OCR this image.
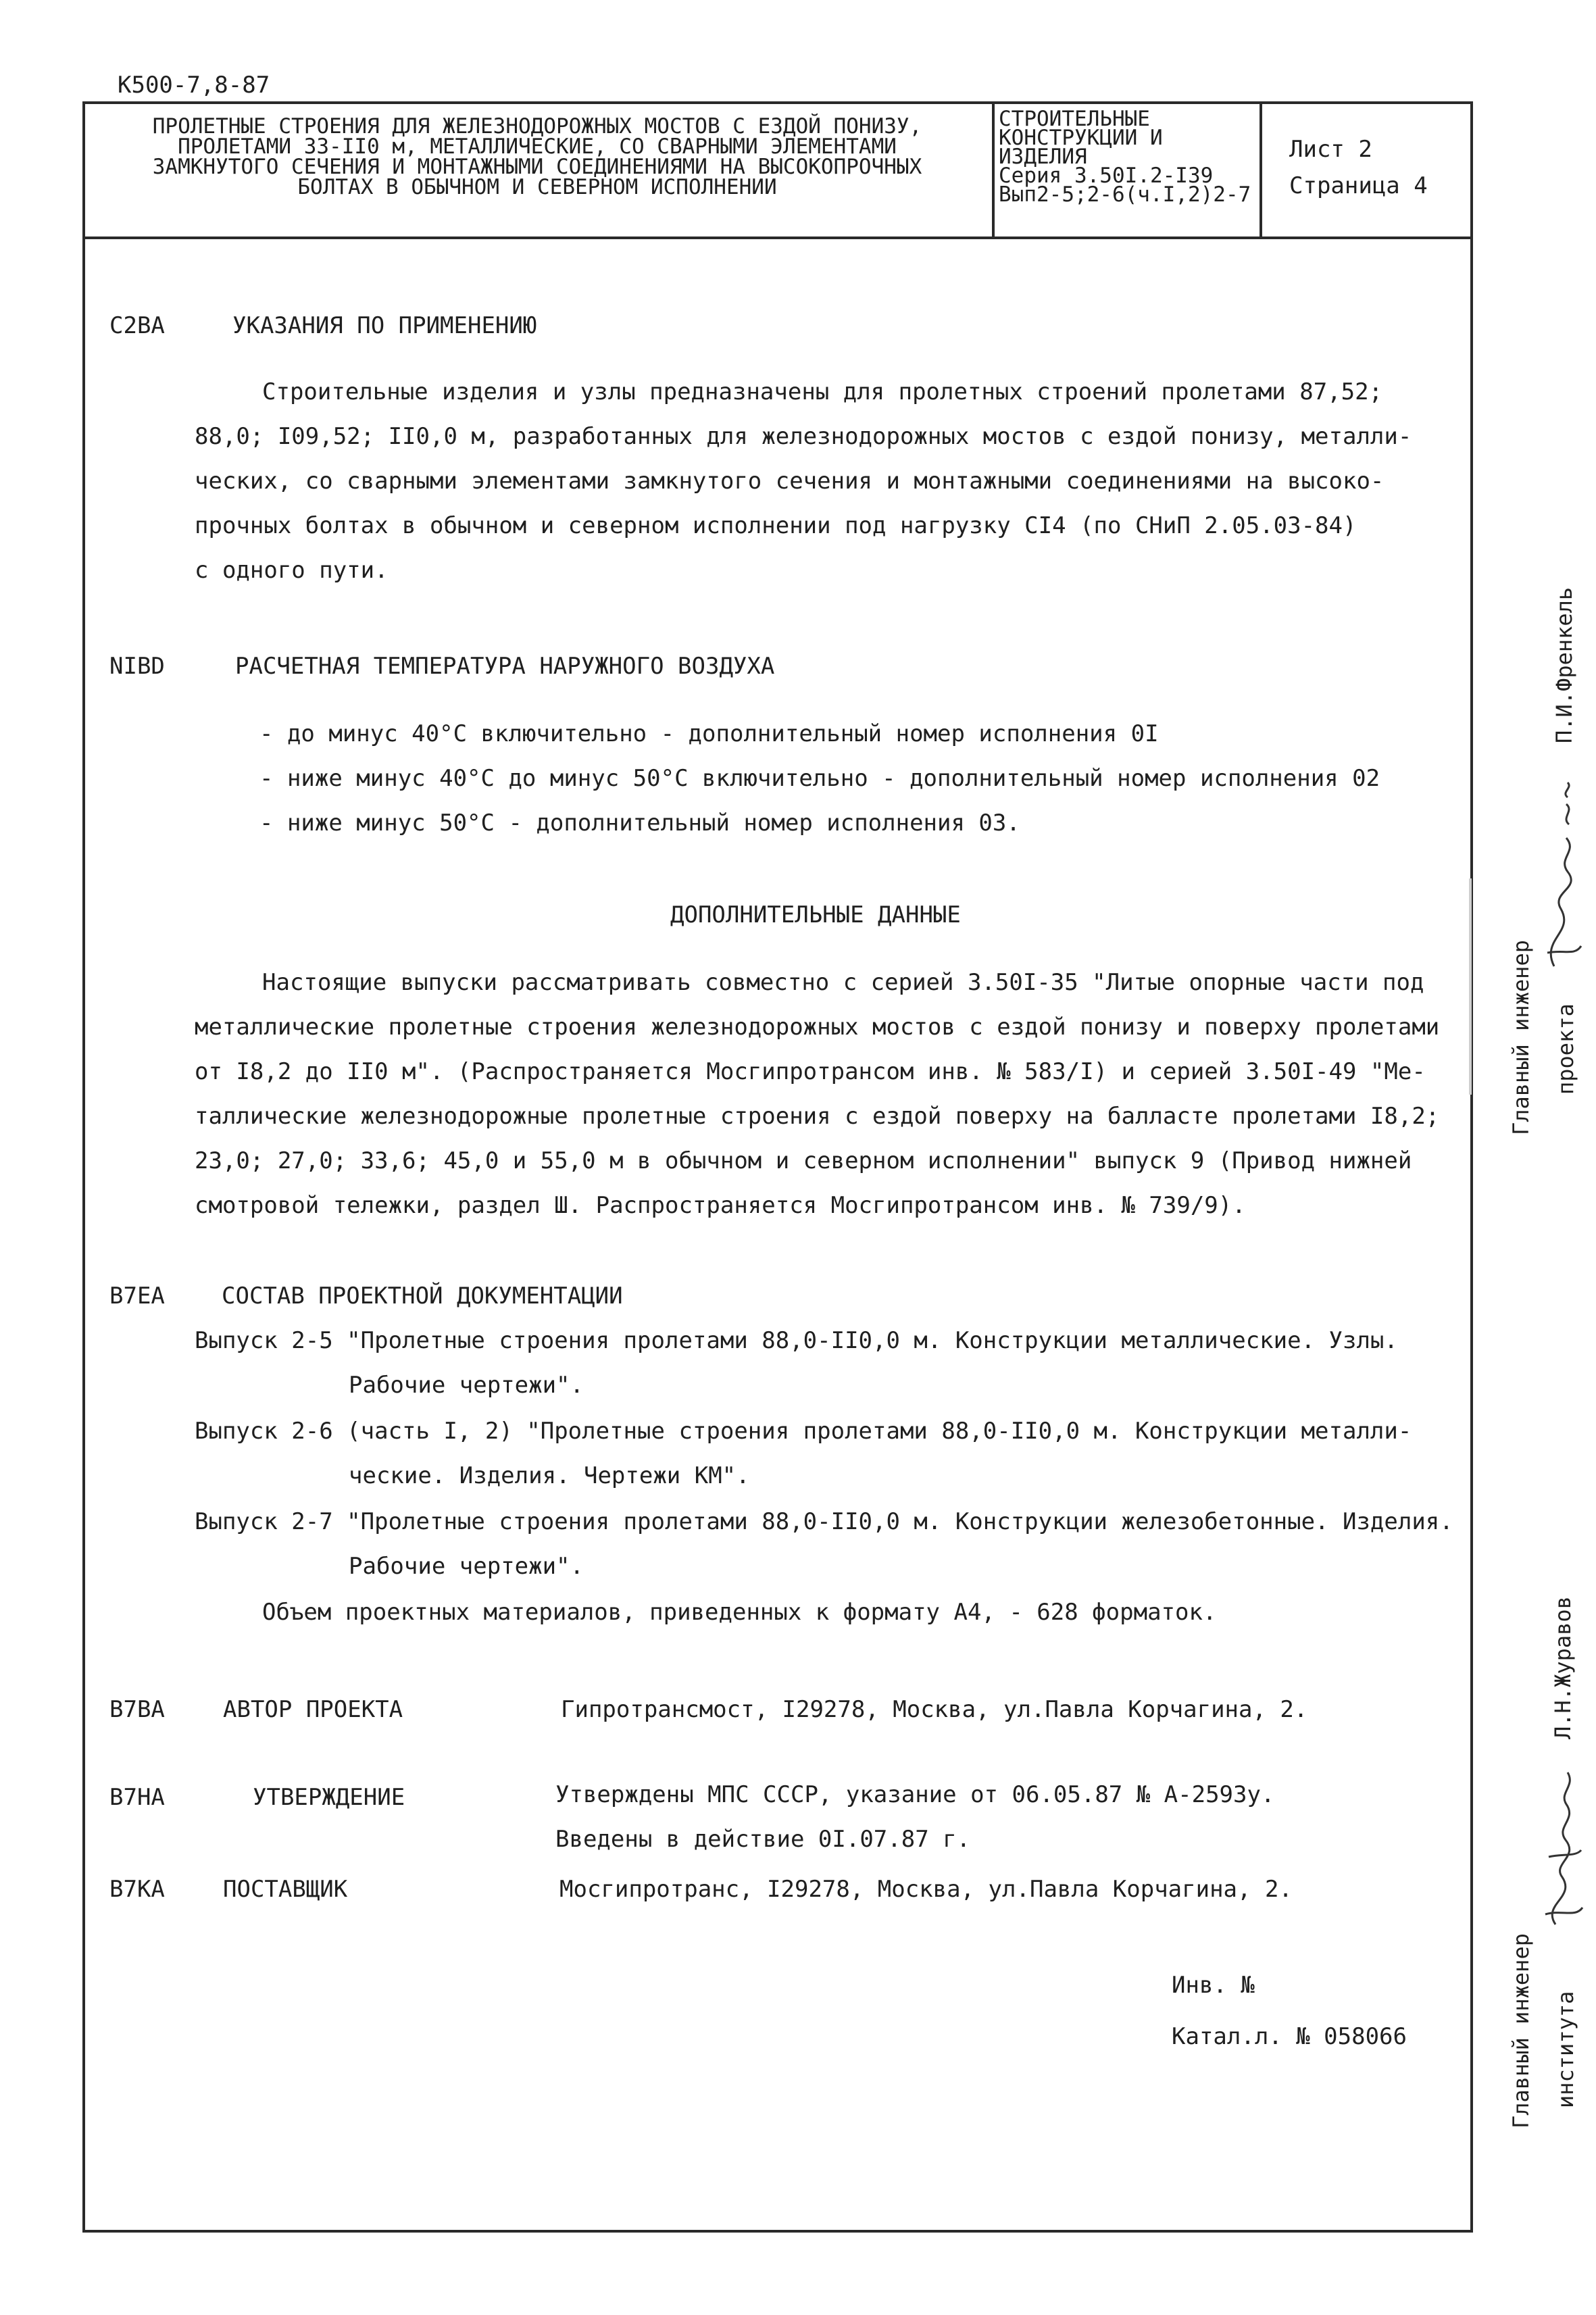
К500-7,8-87
ПРОЛЕТНЫЕ СТРОЕНИЯ ДЛЯ ЖЕЛЕЗНОДОРОЖНЫХ МОСТОВ С ЕЗДОЙ ПОНИЗУ,
ПРОЛЕТАМИ 33-II0 м, МЕТАЛЛИЧЕСКИЕ, СО СВАРНЫМИ ЭЛЕМЕНТАМИ
ЗАМКНУТОГО СЕЧЕНИЯ И МОНТАЖНЫМИ СОЕДИНЕНИЯМИ НА ВЫСОКОПРОЧНЫХ
БОЛТАХ В ОБЫЧНОМ И СЕВЕРНОМ ИСПОЛНЕНИИ
СТРОИТЕЛЬНЫЕ
КОНСТРУКЦИИ И
ИЗДЕЛИЯ
Серия 3.50I.2-I39
Вып2-5;2-6(ч.I,2)2-7
Лист 2
Страница 4
C2BA	УКАЗАНИЯ ПО ПРИМЕНЕНИЮ
Строительные изделия и узлы предназначены для пролетных строений пролетами 87,52;
88,0; I09,52; II0,0 м, разработанных для железнодорожных мостов с ездой понизу, металли-
ческих, со сварными элементами замкнутого сечения и монтажными соединениями на высоко-
прочных болтах в обычном и северном исполнении под нагрузку СI4 (по СНиП 2.05.03-84)
с одного пути.
NIBD	РАСЧЕТНАЯ ТЕМПЕРАТУРА НАРУЖНОГО ВОЗДУХА
- до минус 40°С включительно - дополнительный номер исполнения 0I
- ниже минус 40°С до минус 50°С включительно - дополнительный номер исполнения 02
- ниже минус 50°С - дополнительный номер исполнения 03.
ДОПОЛНИТЕЛЬНЫЕ ДАННЫЕ
Настоящие выпуски рассматривать совместно с серией 3.50I-35 "Литые опорные части под
металлические пролетные строения железнодорожных мостов с ездой понизу и поверху пролетами
от I8,2 до II0 м". (Распространяется Мосгипротрансом инв. № 583/I) и серией 3.50I-49 "Ме-
таллические железнодорожные пролетные строения с ездой поверху на балласте пролетами I8,2;
23,0; 27,0; 33,6; 45,0 и 55,0 м в обычном и северном исполнении" выпуск 9 (Привод нижней
смотровой тележки, раздел Ш. Распространяется Мосгипротрансом инв. № 739/9).
B7EA СОСТАВ ПРОЕКТНОЙ ДОКУМЕНТАЦИИ
Выпуск 2-5 "Пролетные строения пролетами 88,0-II0,0 м. Конструкции металлические. Узлы.
Рабочие чертежи".
Выпуск 2-6 (часть I, 2) "Пролетные строения пролетами 88,0-II0,0 м. Конструкции металли-
ческие. Изделия. Чертежи КМ".
Выпуск 2-7 "Пролетные строения пролетами 88,0-II0,0 м. Конструкции железобетонные. Изделия.
Рабочие чертежи".
Объем проектных материалов, приведенных к формату А4, - 628 форматок.
B7BA	АВТОР ПРОЕКТА	Гипротрансмост, I29278, Москва, ул.Павла Корчагина, 2.
B7HA	УТВЕРЖДЕНИЕ	Утверждены МПС СССР, указание от 06.05.87 № А-2593у.
Введены в действие 0I.07.87 г.
B7KA	ПОСТАВЩИК	Мосгипротранс, I29278, Москва, ул.Павла Корчагина, 2.
Инв. №
Катал.л. № 058066
Главный инженер проекта
П.И.Френкель
Главный инженер института
Л.Н.Журавов
